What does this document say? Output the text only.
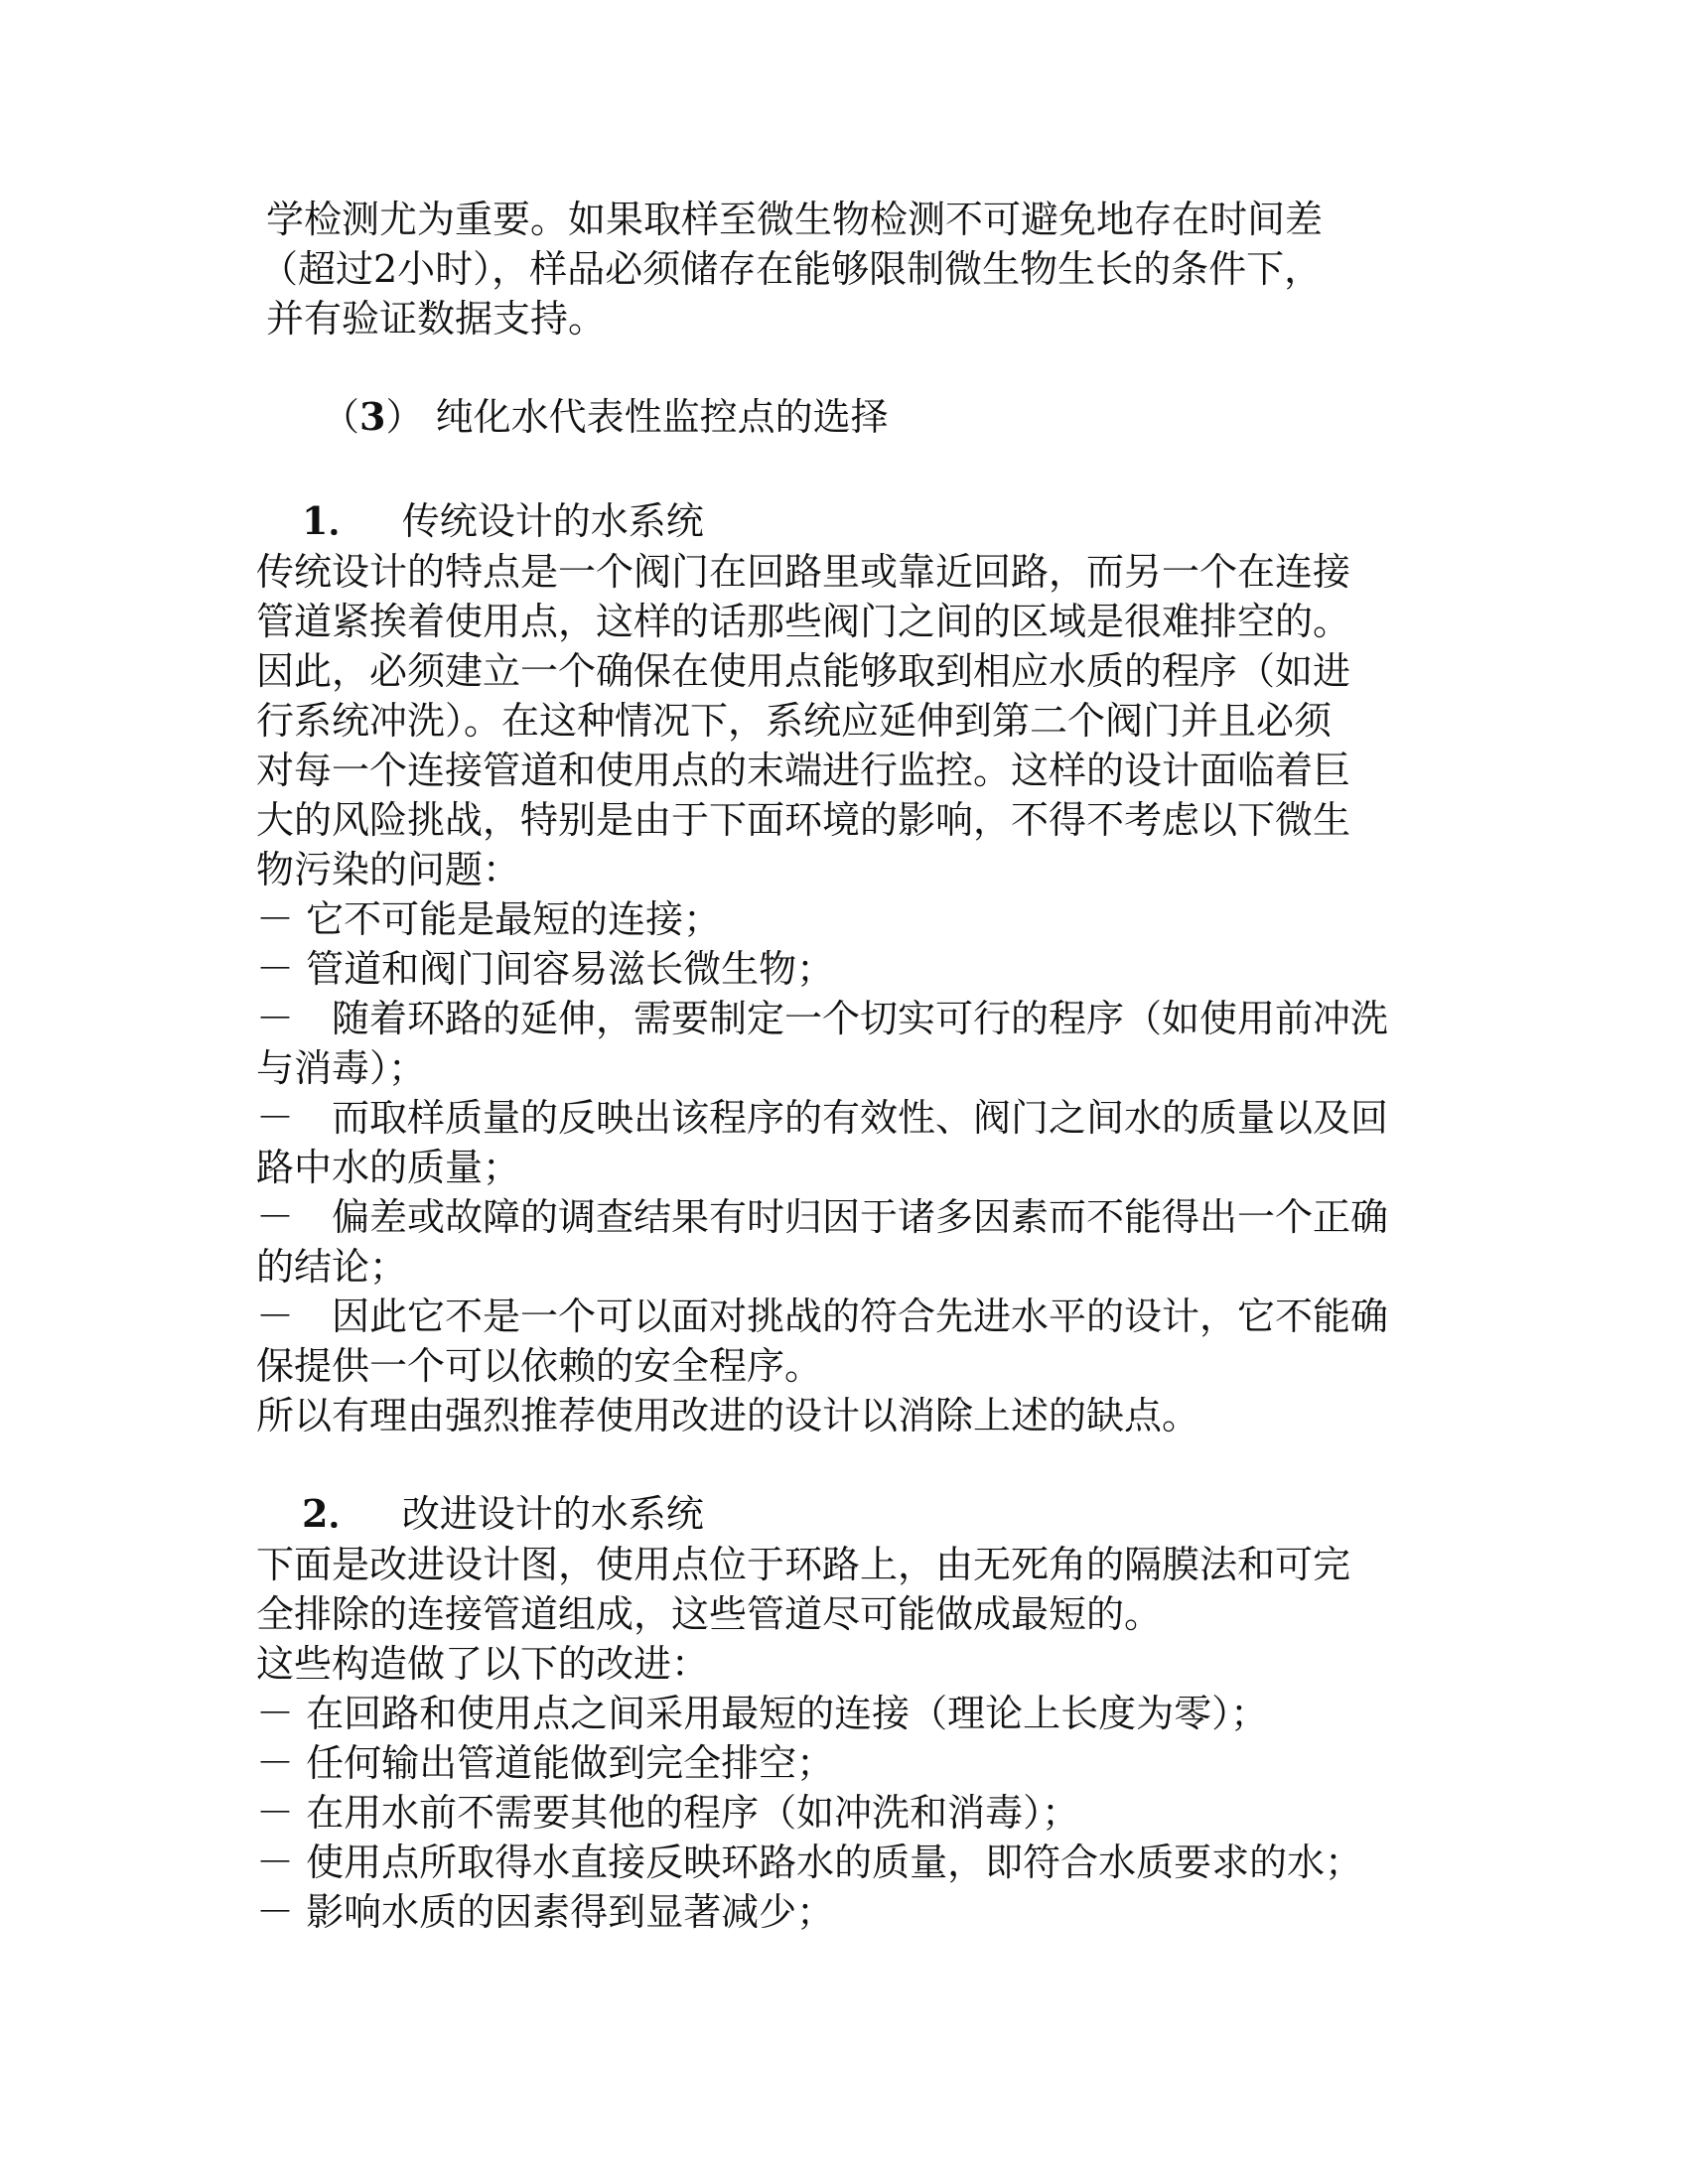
学检测尤为重要。如果取样至微生物检测不可避免地存在时间差
（超过2小时），样品必须储存在能够限制微生物生长的条件下，
并有验证数据支持。
（3） 纯化水代表性监控点的选择
1． 传统设计的水系统
传统设计的特点是一个阀门在回路里或靠近回路，而另一个在连接
管道紧挨着使用点，这样的话那些阀门之间的区域是很难排空的。
因此，必须建立一个确保在使用点能够取到相应水质的程序（如进
行系统冲洗）。在这种情况下，系统应延伸到第二个阀门并且必须
对每一个连接管道和使用点的末端进行监控。这样的设计面临着巨
大的风险挑战，特别是由于下面环境的影响，不得不考虑以下微生
物污染的问题：
－ 它不可能是最短的连接；
－ 管道和阀门间容易滋长微生物；
－　随着环路的延伸，需要制定一个切实可行的程序（如使用前冲洗
与消毒）；
－　而取样质量的反映出该程序的有效性、阀门之间水的质量以及回
路中水的质量；
－　偏差或故障的调查结果有时归因于诸多因素而不能得出一个正确
的结论；
－　因此它不是一个可以面对挑战的符合先进水平的设计，它不能确
保提供一个可以依赖的安全程序。
所以有理由强烈推荐使用改进的设计以消除上述的缺点。
2． 改进设计的水系统
下面是改进设计图，使用点位于环路上，由无死角的隔膜法和可完
全排除的连接管道组成，这些管道尽可能做成最短的。
这些构造做了以下的改进：
－ 在回路和使用点之间采用最短的连接（理论上长度为零）；
－ 任何输出管道能做到完全排空；
－ 在用水前不需要其他的程序（如冲洗和消毒）；
－ 使用点所取得水直接反映环路水的质量，即符合水质要求的水；
－ 影响水质的因素得到显著减少；
